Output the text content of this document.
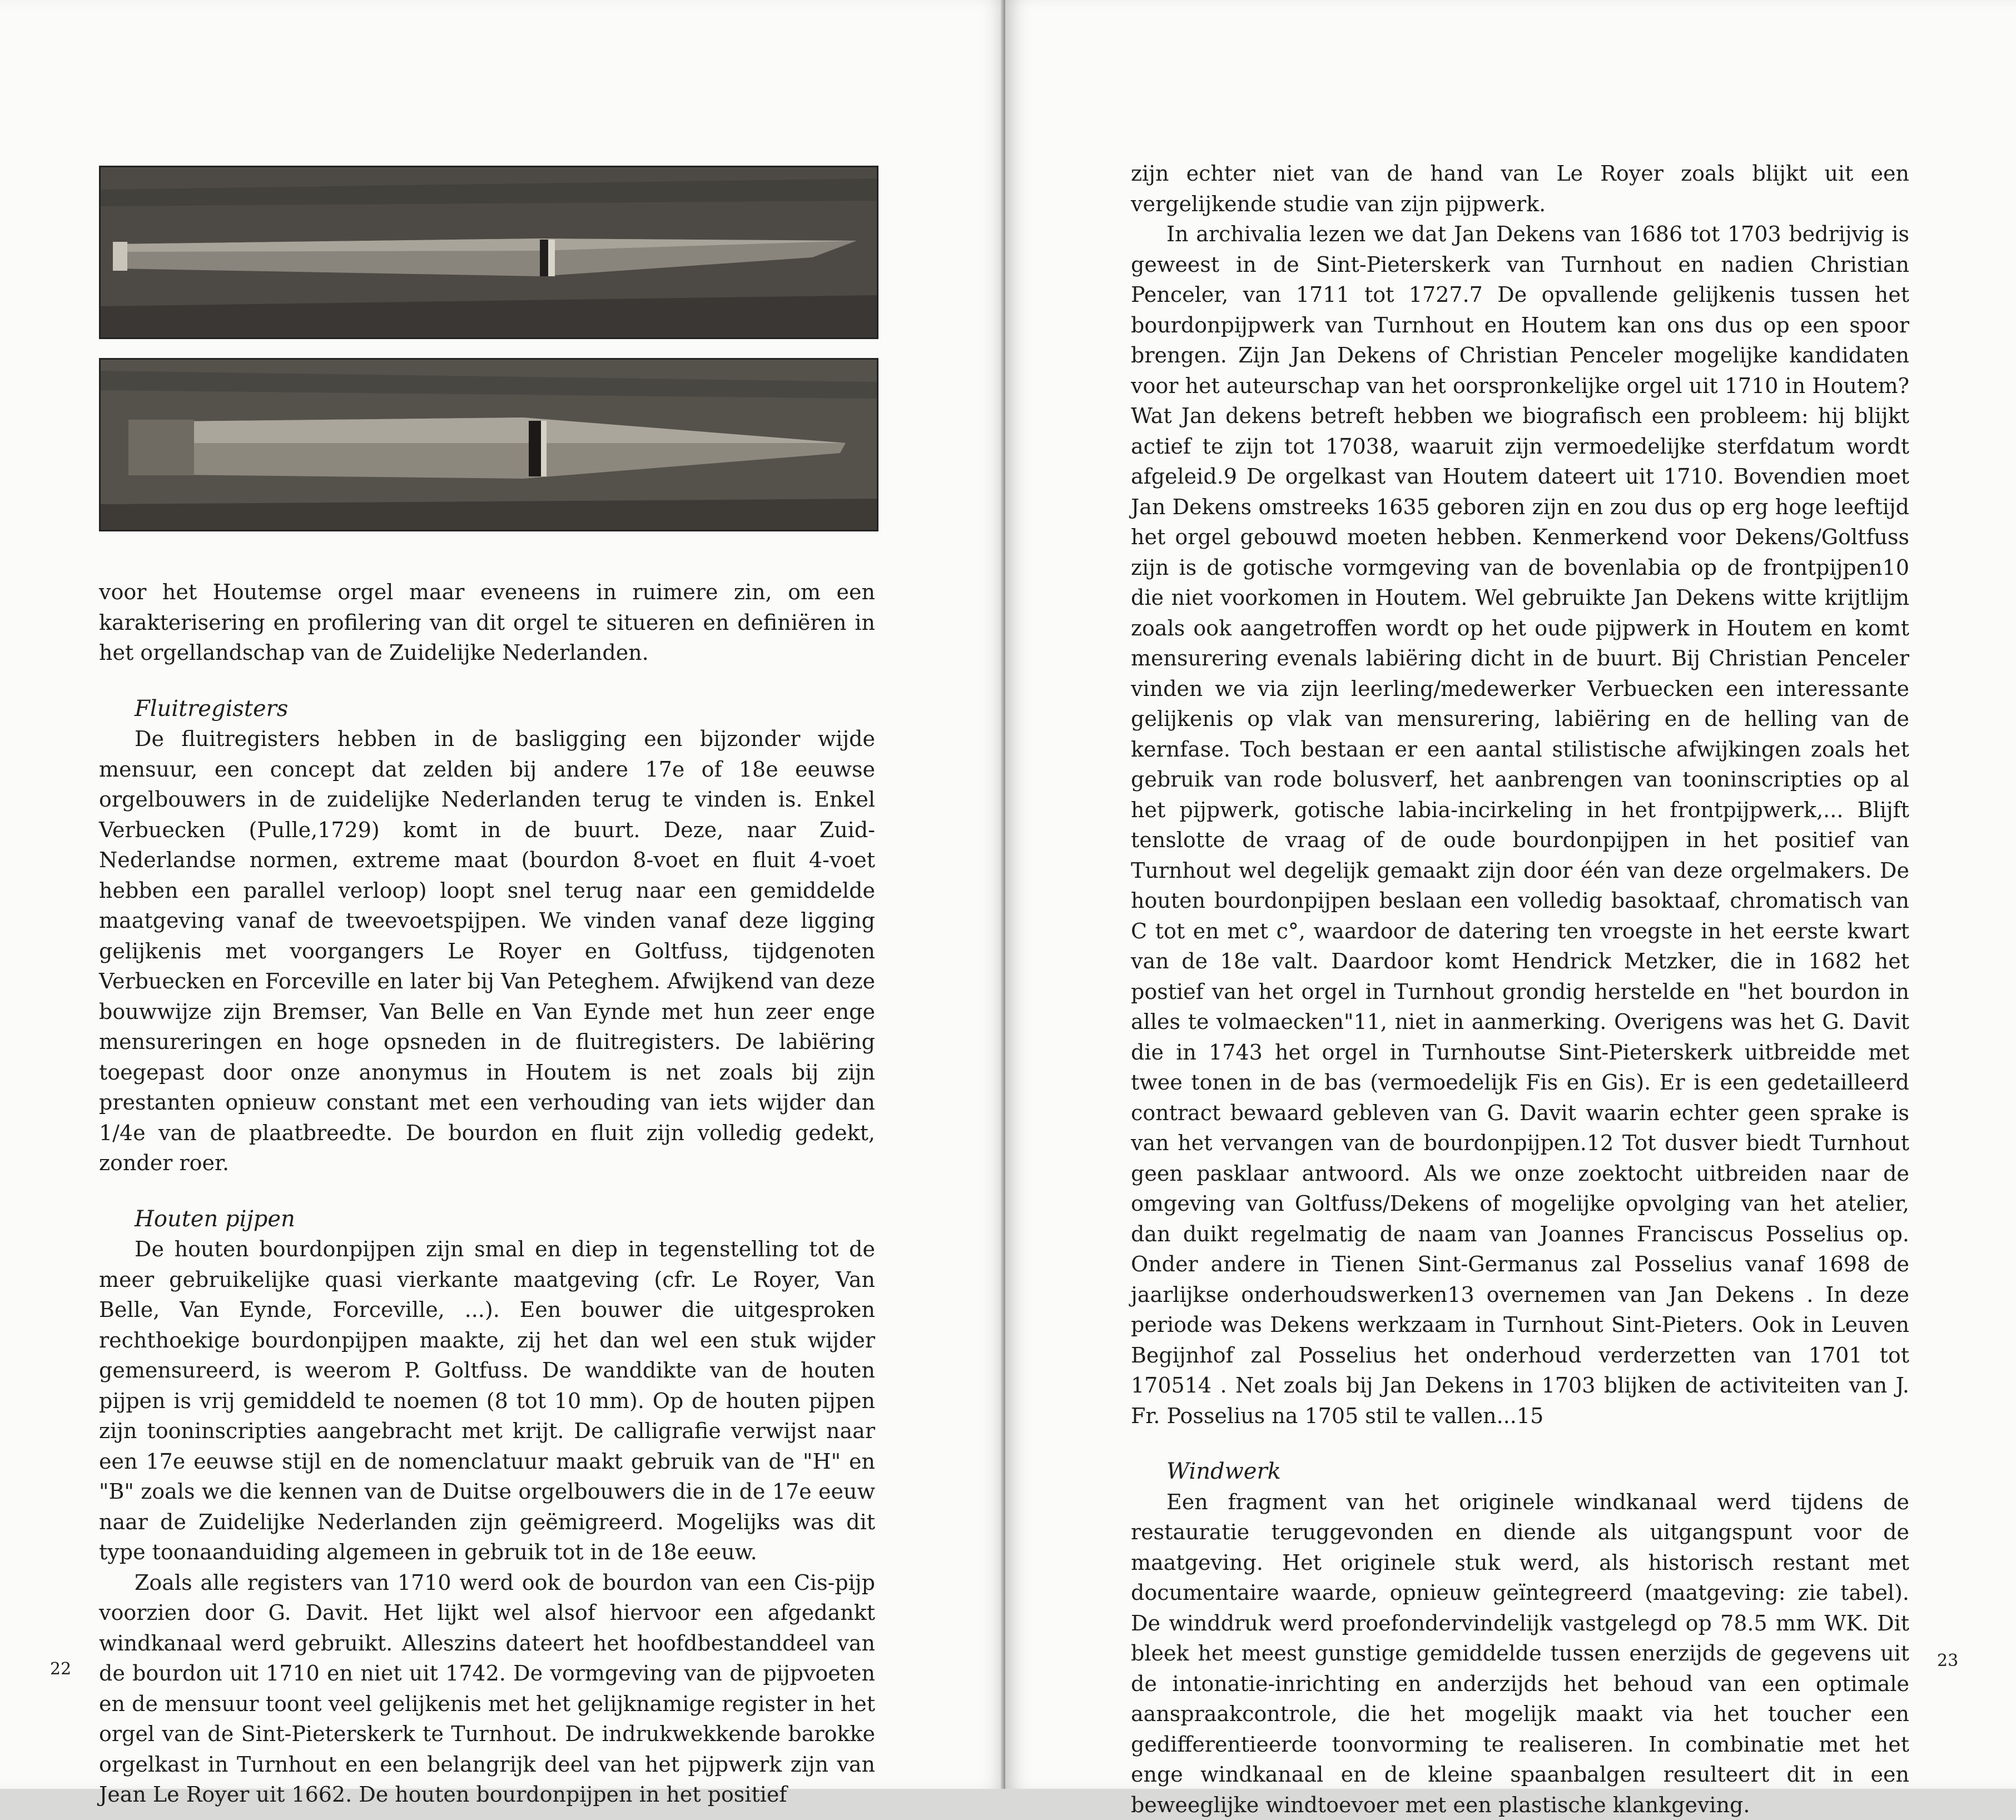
voor het Houtemse orgel maar eveneens in ruimere zin, om een karakterisering en profilering van dit orgel te situeren en definiëren in het orgellandschap van de Zuidelijke Nederlanden.

Fluitregisters

De fluitregisters hebben in de basligging een bijzonder wijde mensuur, een concept dat zelden bij andere 17e of 18e eeuwse orgelbouwers in de zuidelijke Nederlanden terug te vinden is. Enkel Verbuecken (Pulle,1729) komt in de buurt. Deze, naar Zuid-Nederlandse normen, extreme maat (bourdon 8-voet en fluit 4-voet hebben een parallel verloop) loopt snel terug naar een gemiddelde maatgeving vanaf de tweevoetspijpen. We vinden vanaf deze ligging gelijkenis met voorgangers Le Royer en Goltfuss, tijdgenoten Verbuecken en Forceville en later bij Van Peteghem. Afwijkend van deze bouwwijze zijn Bremser, Van Belle en Van Eynde met hun zeer enge mensureringen en hoge opsneden in de fluitregisters. De labiëring toegepast door onze anonymus in Houtem is net zoals bij zijn prestanten opnieuw constant met een verhouding van iets wijder dan 1/4e van de plaatbreedte. De bourdon en fluit zijn volledig gedekt, zonder roer.

Houten pijpen

De houten bourdonpijpen zijn smal en diep in tegenstelling tot de meer gebruikelijke quasi vierkante maatgeving (cfr. Le Royer, Van Belle, Van Eynde, Forceville, ...). Een bouwer die uitgesproken rechthoekige bourdonpijpen maakte, zij het dan wel een stuk wijder gemensureerd, is weerom P. Goltfuss. De wanddikte van de houten pijpen is vrij gemiddeld te noemen (8 tot 10 mm). Op de houten pijpen zijn tooninscripties aangebracht met krijt. De calligrafie verwijst naar een 17e eeuwse stijl en de nomenclatuur maakt gebruik van de "H" en "B" zoals we die kennen van de Duitse orgelbouwers die in de 17e eeuw naar de Zuidelijke Nederlanden zijn geëmigreerd. Mogelijks was dit type toonaanduiding algemeen in gebruik tot in de 18e eeuw.

Zoals alle registers van 1710 werd ook de bourdon van een Cis-pijp voorzien door G. Davit. Het lijkt wel alsof hiervoor een afgedankt windkanaal werd gebruikt. Alleszins dateert het hoofdbestanddeel van de bourdon uit 1710 en niet uit 1742. De vormgeving van de pijpvoeten en de mensuur toont veel gelijkenis met het gelijknamige register in het orgel van de Sint-Pieterskerk te Turnhout. De indrukwekkende barokke orgelkast in Turnhout en een belangrijk deel van het pijpwerk zijn van Jean Le Royer uit 1662. De houten bourdonpijpen in het positief

22

zijn echter niet van de hand van Le Royer zoals blijkt uit een vergelijkende studie van zijn pijpwerk.

In archivalia lezen we dat Jan Dekens van 1686 tot 1703 bedrijvig is geweest in de Sint-Pieterskerk van Turnhout en nadien Christian Penceler, van 1711 tot 1727.7 De opvallende gelijkenis tussen het bourdonpijpwerk van Turnhout en Houtem kan ons dus op een spoor brengen. Zijn Jan Dekens of Christian Penceler mogelijke kandidaten voor het auteurschap van het oorspronkelijke orgel uit 1710 in Houtem? Wat Jan dekens betreft hebben we biografisch een probleem: hij blijkt actief te zijn tot 17038, waaruit zijn vermoedelijke sterfdatum wordt afgeleid.9 De orgelkast van Houtem dateert uit 1710. Bovendien moet Jan Dekens omstreeks 1635 geboren zijn en zou dus op erg hoge leeftijd het orgel gebouwd moeten hebben. Kenmerkend voor Dekens/Goltfuss zijn is de gotische vormgeving van de bovenlabia op de frontpijpen10 die niet voorkomen in Houtem. Wel gebruikte Jan Dekens witte krijtlijm zoals ook aangetroffen wordt op het oude pijpwerk in Houtem en komt mensurering evenals labiëring dicht in de buurt. Bij Christian Penceler vinden we via zijn leerling/medewerker Verbuecken een interessante gelijkenis op vlak van mensurering, labiëring en de helling van de kernfase. Toch bestaan er een aantal stilistische afwijkingen zoals het gebruik van rode bolusverf, het aanbrengen van tooninscripties op al het pijpwerk, gotische labia-incirkeling in het frontpijpwerk,... Blijft tenslotte de vraag of de oude bourdonpijpen in het positief van Turnhout wel degelijk gemaakt zijn door één van deze orgelmakers. De houten bourdonpijpen beslaan een volledig basoktaaf, chromatisch van C tot en met c°, waardoor de datering ten vroegste in het eerste kwart van de 18e valt. Daardoor komt Hendrick Metzker, die in 1682 het postief van het orgel in Turnhout grondig herstelde en "het bourdon in alles te volmaecken"11, niet in aanmerking. Overigens was het G. Davit die in 1743 het orgel in Turnhoutse Sint-Pieterskerk uitbreidde met twee tonen in de bas (vermoedelijk Fis en Gis). Er is een gedetailleerd contract bewaard gebleven van G. Davit waarin echter geen sprake is van het vervangen van de bourdonpijpen.12 Tot dusver biedt Turnhout geen pasklaar antwoord. Als we onze zoektocht uitbreiden naar de omgeving van Goltfuss/Dekens of mogelijke opvolging van het atelier, dan duikt regelmatig de naam van Joannes Franciscus Posselius op. Onder andere in Tienen Sint-Germanus zal Posselius vanaf 1698 de jaarlijkse onderhoudswerken13 overnemen van Jan Dekens . In deze periode was Dekens werkzaam in Turnhout Sint-Pieters. Ook in Leuven Begijnhof zal Posselius het onderhoud verderzetten van 1701 tot 170514 . Net zoals bij Jan Dekens in 1703 blijken de activiteiten van J. Fr. Posselius na 1705 stil te vallen...15

Windwerk

Een fragment van het originele windkanaal werd tijdens de restauratie teruggevonden en diende als uitgangspunt voor de maatgeving. Het originele stuk werd, als historisch restant met documentaire waarde, opnieuw geïntegreerd (maatgeving: zie tabel). De winddruk werd proefondervindelijk vastgelegd op 78.5 mm WK. Dit bleek het meest gunstige gemiddelde tussen enerzijds de gegevens uit de intonatie-inrichting en anderzijds het behoud van een optimale aanspraakcontrole, die het mogelijk maakt via het toucher een gedifferentieerde toonvorming te realiseren. In combinatie met het enge windkanaal en de kleine spaanbalgen resulteert dit in een beweeglijke windtoevoer met een plastische klankgeving.

23
